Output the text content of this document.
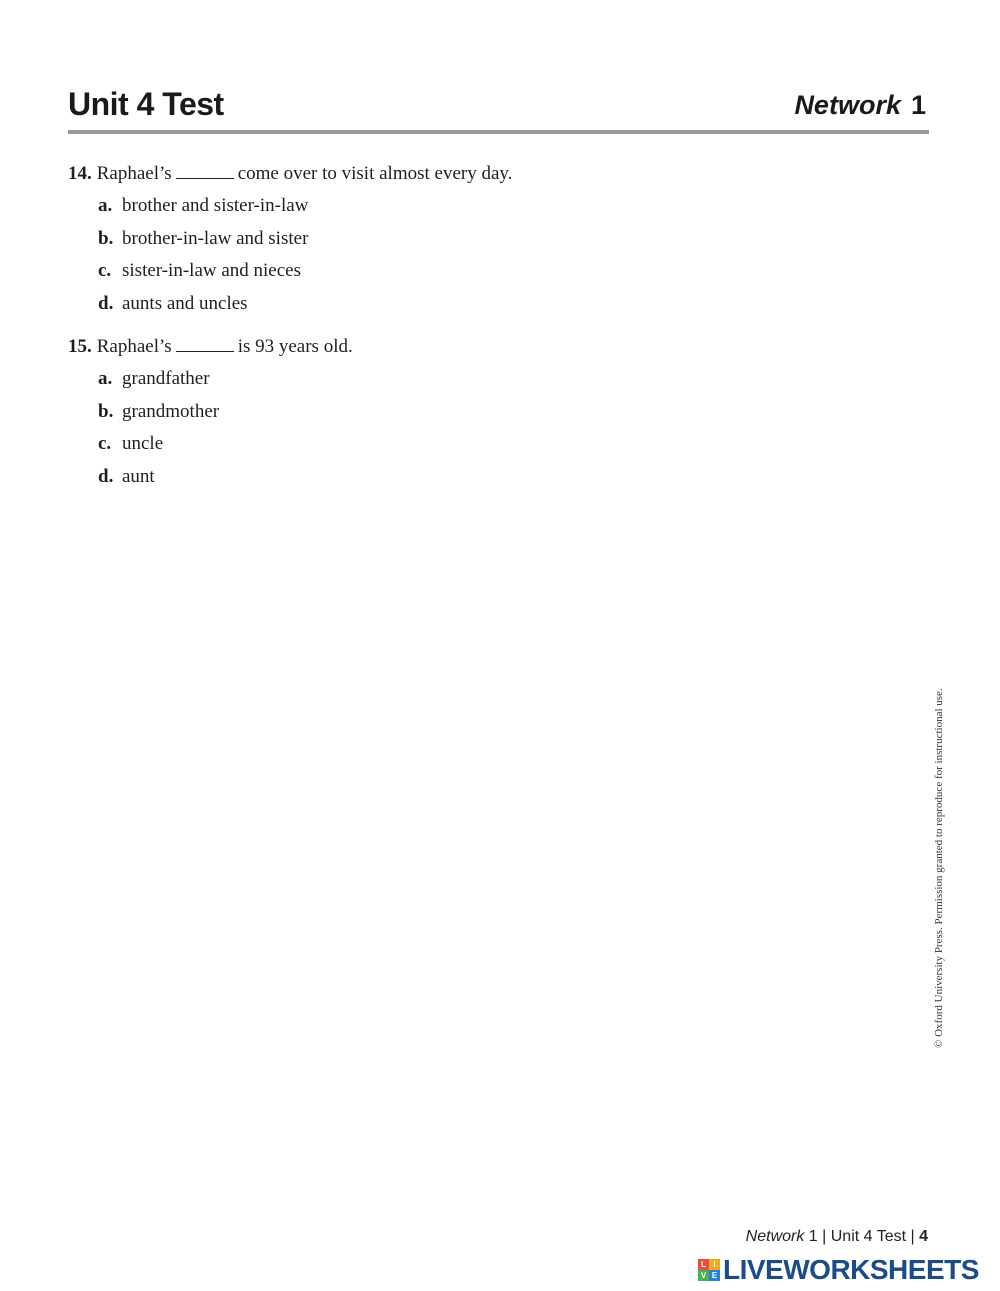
Unit 4 Test	Network 1

14. Raphael’s	come over to visit almost every day.

a. brother and sister-in-law
b. brother-in-law and sister
c. sister-in-law and nieces
d. aunts and uncles

15. Raphael’s	is 93 years old.

a. grandfather
b. grandmother
c. uncle
d. aunt
© Oxford University Press. Permission granted to reproduce for instructional use.
Network 1 | Unit 4 Test | 4
L I
V E LIVEWORKSHEETS
